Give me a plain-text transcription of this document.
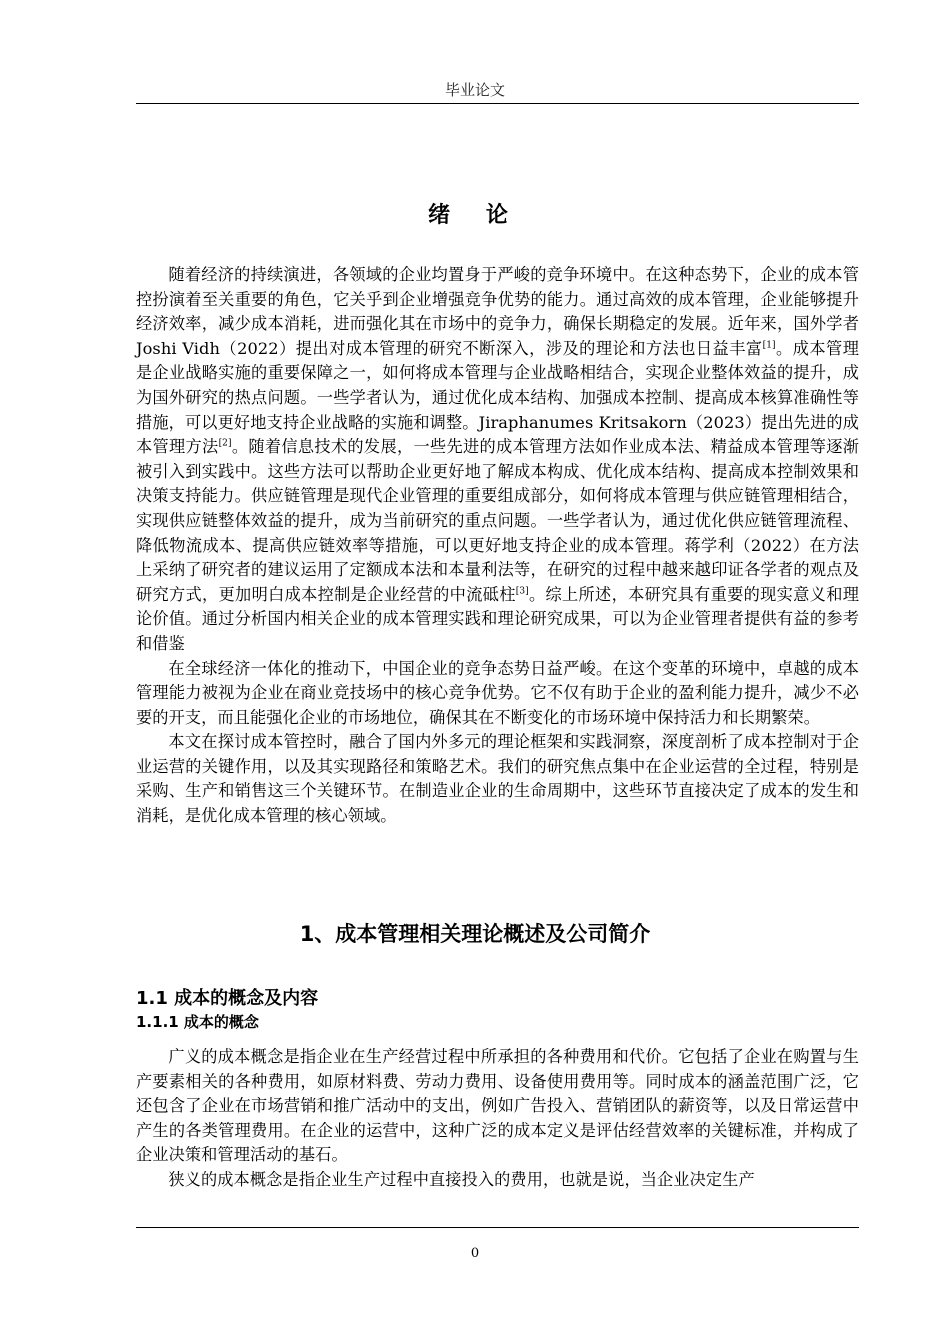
毕业论文
绪 论

随着经济的持续演进，各领域的企业均置身于严峻的竞争环境中。在这种态势下，企业的成本管控扮演着至关重要的角色，它关乎到企业增强竞争优势的能力。通过高效的成本管理，企业能够提升经济效率，减少成本消耗，进而强化其在市场中的竞争力，确保长期稳定的发展。近年来，国外学者 Joshi Vidh（2022）提出对成本管理的研究不断深入，涉及的理论和方法也日益丰富[1]。成本管理是企业战略实施的重要保障之一，如何将成本管理与企业战略相结合，实现企业整体效益的提升，成为国外研究的热点问题。一些学者认为，通过优化成本结构、加强成本控制、提高成本核算准确性等措施，可以更好地支持企业战略的实施和调整。Jiraphanumes Kritsakorn（2023）提出先进的成本管理方法[2]。随着信息技术的发展，一些先进的成本管理方法如作业成本法、精益成本管理等逐渐被引入到实践中。这些方法可以帮助企业更好地了解成本构成、优化成本结构、提高成本控制效果和决策支持能力。供应链管理是现代企业管理的重要组成部分，如何将成本管理与供应链管理相结合，实现供应链整体效益的提升，成为当前研究的重点问题。一些学者认为，通过优化供应链管理流程、降低物流成本、提高供应链效率等措施，可以更好地支持企业的成本管理。蒋学利（2022）在方法上采纳了研究者的建议运用了定额成本法和本量利法等，在研究的过程中越来越印证各学者的观点及研究方式，更加明白成本控制是企业经营的中流砥柱[3]。综上所述，本研究具有重要的现实意义和理论价值。通过分析国内相关企业的成本管理实践和理论研究成果，可以为企业管理者提供有益的参考和借鉴

在全球经济一体化的推动下，中国企业的竞争态势日益严峻。在这个变革的环境中，卓越的成本管理能力被视为企业在商业竞技场中的核心竞争优势。它不仅有助于企业的盈利能力提升，减少不必要的开支，而且能强化企业的市场地位，确保其在不断变化的市场环境中保持活力和长期繁荣。

本文在探讨成本管控时，融合了国内外多元的理论框架和实践洞察，深度剖析了成本控制对于企业运营的关键作用，以及其实现路径和策略艺术。我们的研究焦点集中在企业运营的全过程，特别是采购、生产和销售这三个关键环节。在制造业企业的生命周期中，这些环节直接决定了成本的发生和消耗，是优化成本管理的核心领域。

1、成本管理相关理论概述及公司简介
1.1 成本的概念及内容
1.1.1 成本的概念

广义的成本概念是指企业在生产经营过程中所承担的各种费用和代价。它包括了企业在购置与生产要素相关的各种费用，如原材料费、劳动力费用、设备使用费用等。同时成本的涵盖范围广泛，它还包含了企业在市场营销和推广活动中的支出，例如广告投入、营销团队的薪资等，以及日常运营中产生的各类管理费用。在企业的运营中，这种广泛的成本定义是评估经营效率的关键标准，并构成了企业决策和管理活动的基石。

狭义的成本概念是指企业生产过程中直接投入的费用，也就是说，当企业决定生产

0
